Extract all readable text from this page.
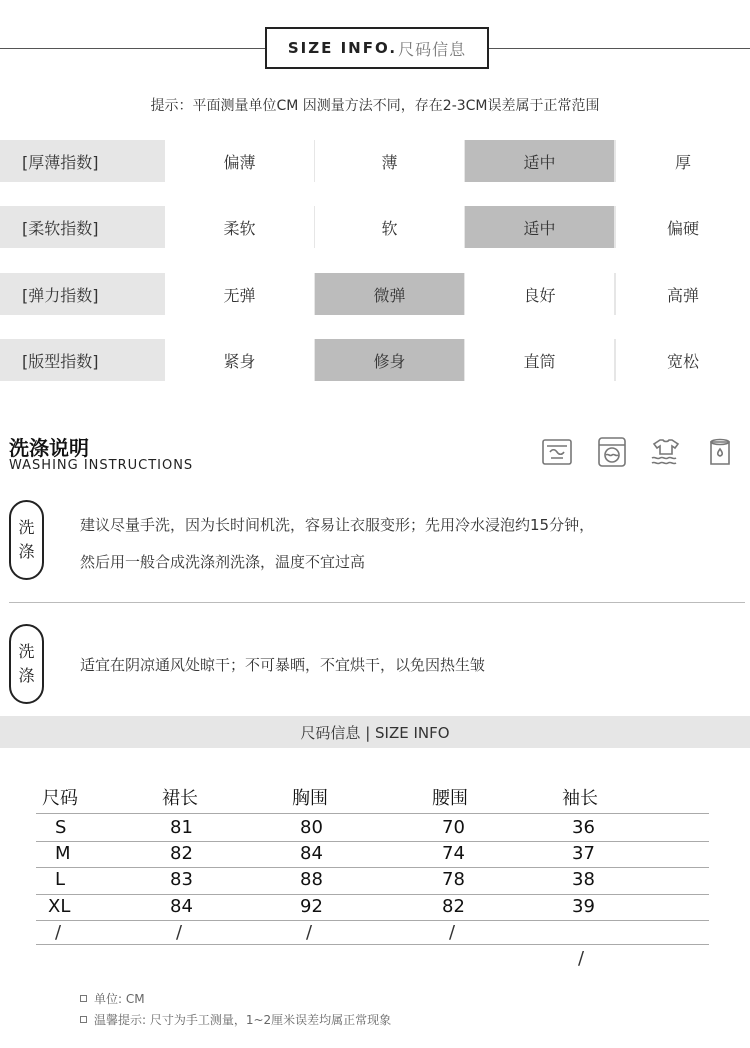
SIZE INFO. 尺码信息
提示：平面测量单位CM 因测量方法不同，存在2-3CM误差属于正常范围
[厚薄指数]	偏薄	薄	适中	厚
[柔软指数]	柔软	软	适中	偏硬
[弹力指数]	无弹	微弹	良好	高弹
[版型指数]	紧身	修身	直筒	宽松
洗涤说明
WASHING INSTRUCTIONS
洗
涤
建议尽量手洗，因为长时间机洗，容易让衣服变形；先用冷水浸泡约15分钟，
然后用一般合成洗涤剂洗涤，温度不宜过高
洗
涤
适宜在阴凉通风处晾干；不可暴晒，不宜烘干，以免因热生皱
尺码信息 | SIZE INFO
尺码	裙长	胸围	腰围	袖长
S	81	80	70	36
M	82	84	74	37
L	83	88	78	38
XL	84	92	82	39
/	/	/	/
/
单位: CM
温馨提示: 尺寸为手工测量，1~2厘米误差均属正常现象
